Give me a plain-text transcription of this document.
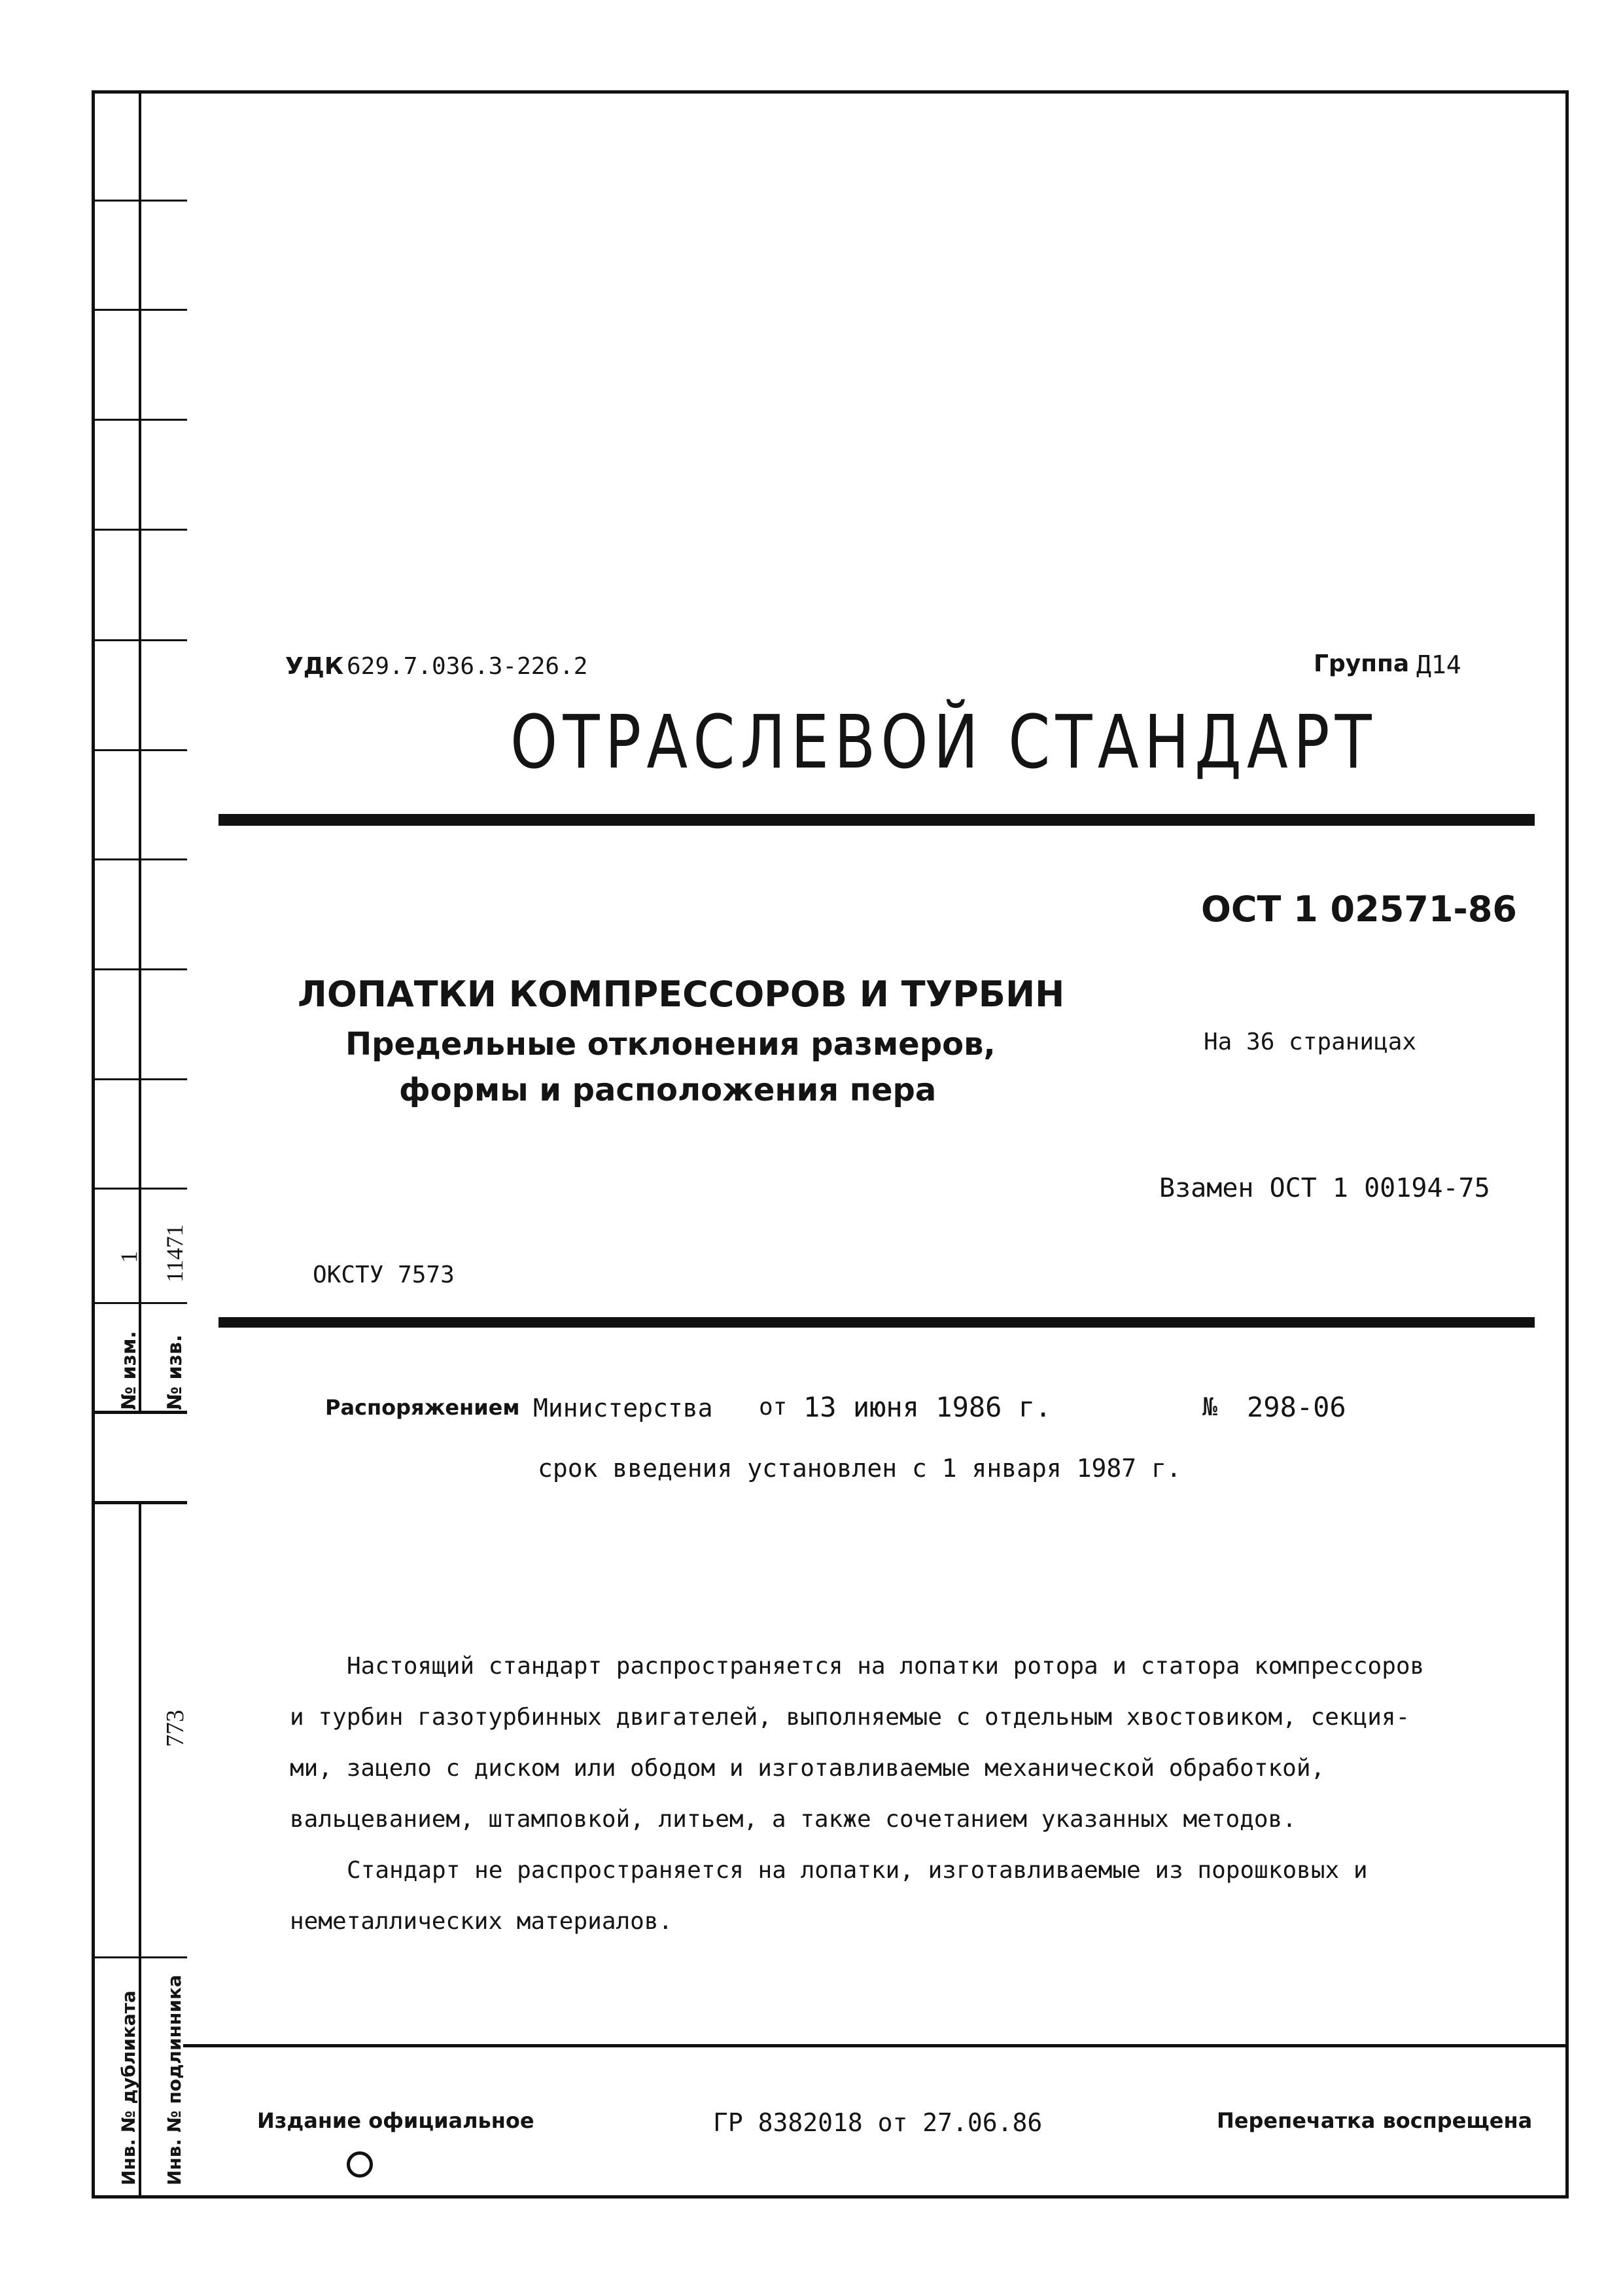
№ изм.
1
№ изв.
11471
773
Инв. № дубликата Инв. № подлинника
УДК 629.7.036.3-226.2	Группа Д14
ОТРАСЛЕВОЙ СТАНДАРТ
ОСТ 1 02571-86
ЛОПАТКИ КОМПРЕССОРОВ И ТУРБИН
Предельные отклонения размеров,
формы и расположения пера
На 36 страницах
Взамен ОСТ 1 00194-75
ОКСТУ 7573
Распоряжением Министерства от 13 июня 1986 г.	№ 298-06
срок введения установлен с 1 января 1987 г.
Настоящий стандарт распространяется на лопатки ротора и статора компрессоров
и турбин газотурбинных двигателей, выполняемые с отдельным хвостовиком, секция-
ми, зацело с диском или ободом и изготавливаемые механической обработкой,
вальцеванием, штамповкой, литьем, а также сочетанием указанных методов.
Стандарт не распространяется на лопатки, изготавливаемые из порошковых и
неметаллических материалов.
Издание официальное	ГР 8382018 от 27.06.86	Перепечатка воспрещена
